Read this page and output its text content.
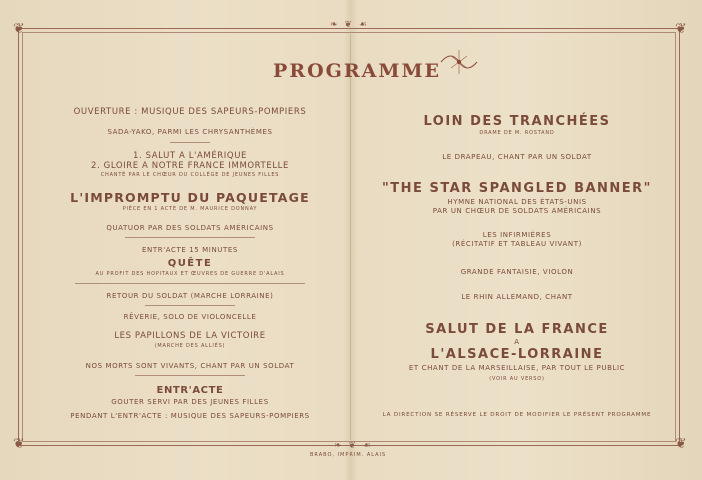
❦	❦
❦	❦
❧ ❦ ☙
❧ ❦ ☙
PROGRAMME
OUVERTURE : MUSIQUE DES SAPEURS-POMPIERS
SADA-YAKO, PARMI LES CHRYSANTHÈMES
1. SALUT A L'AMÉRIQUE
2. GLOIRE A NOTRE FRANCE IMMORTELLE
CHANTÉ PAR LE CHŒUR DU COLLÈGE DE JEUNES FILLES
L'IMPROMPTU DU PAQUETAGE
PIÈCE EN 1 ACTE DE M. MAURICE DONNAY
QUATUOR PAR DES SOLDATS AMÉRICAINS
ENTR'ACTE 15 MINUTES
QUÊTE
AU PROFIT DES HOPITAUX ET ŒUVRES DE GUERRE D'ALAIS
RETOUR DU SOLDAT (MARCHE LORRAINE)
RÊVERIE, SOLO DE VIOLONCELLE
LES PAPILLONS DE LA VICTOIRE
(MARCHE DES ALLIÉS)
NOS MORTS SONT VIVANTS, CHANT PAR UN SOLDAT
ENTR'ACTE
GOUTER SERVI PAR DES JEUNES FILLES
PENDANT L'ENTR'ACTE : MUSIQUE DES SAPEURS-POMPIERS
LOIN DES TRANCHÉES
DRAME DE M. ROSTAND
LE DRAPEAU, CHANT PAR UN SOLDAT
"THE STAR SPANGLED BANNER"
HYMNE NATIONAL DES ÉTATS-UNIS
PAR UN CHŒUR DE SOLDATS AMÉRICAINS
LES INFIRMIÈRES
(RÉCITATIF ET TABLEAU VIVANT)
GRANDE FANTAISIE, VIOLON
LE RHIN ALLEMAND, CHANT
SALUT DE LA FRANCE
A
L'ALSACE-LORRAINE
ET CHANT DE LA MARSEILLAISE, PAR TOUT LE PUBLIC
(VOIR AU VERSO)
LA DIRECTION SE RÉSERVE LE DROIT DE MODIFIER LE PRÉSENT PROGRAMME
BRABO, IMPRIM. ALAIS
